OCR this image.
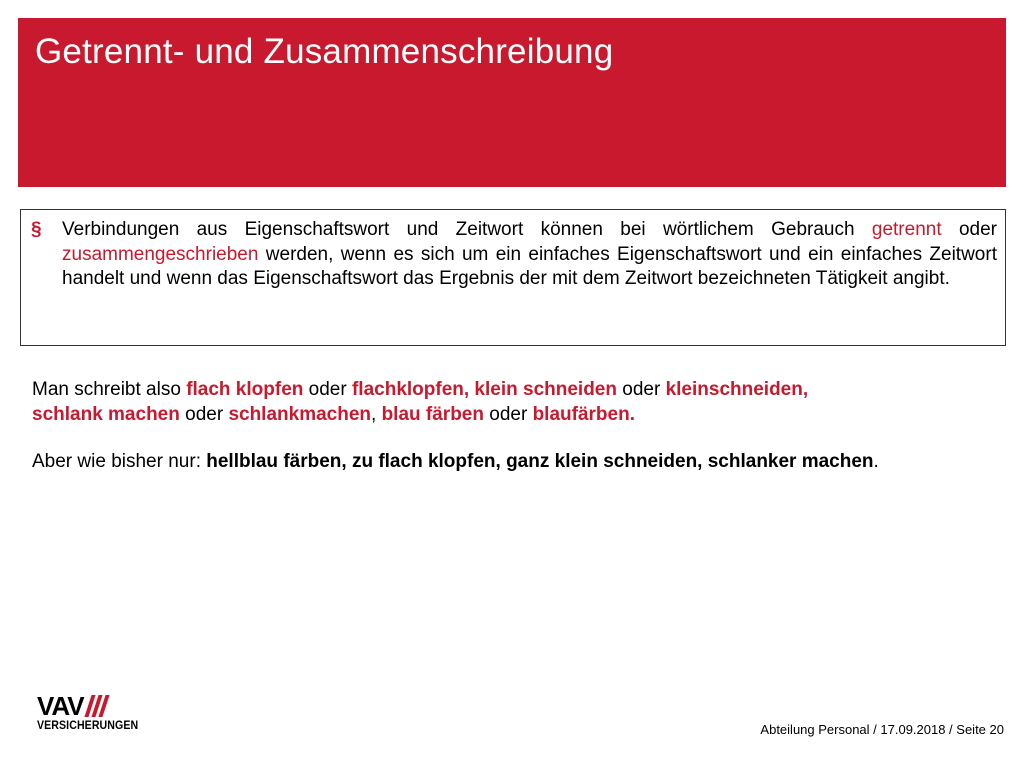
Getrennt- und Zusammenschreibung
§ Verbindungen aus Eigenschaftswort und Zeitwort können bei wörtlichem Gebrauch getrennt oder zusammengeschrieben werden, wenn es sich um ein einfaches Eigenschaftswort und ein einfaches Zeitwort handelt und wenn das Eigenschaftswort das Ergebnis der mit dem Zeitwort bezeichneten Tätigkeit angibt.

Man schreibt also flach klopfen oder flachklopfen, klein schneiden oder kleinschneiden,
schlank machen oder schlankmachen, blau färben oder blaufärben.

Aber wie bisher nur: hellblau färben, zu flach klopfen, ganz klein schneiden, schlanker machen.

VAV
VERSICHERUNGEN	Abteilung Personal / 17.09.2018 / Seite 20
